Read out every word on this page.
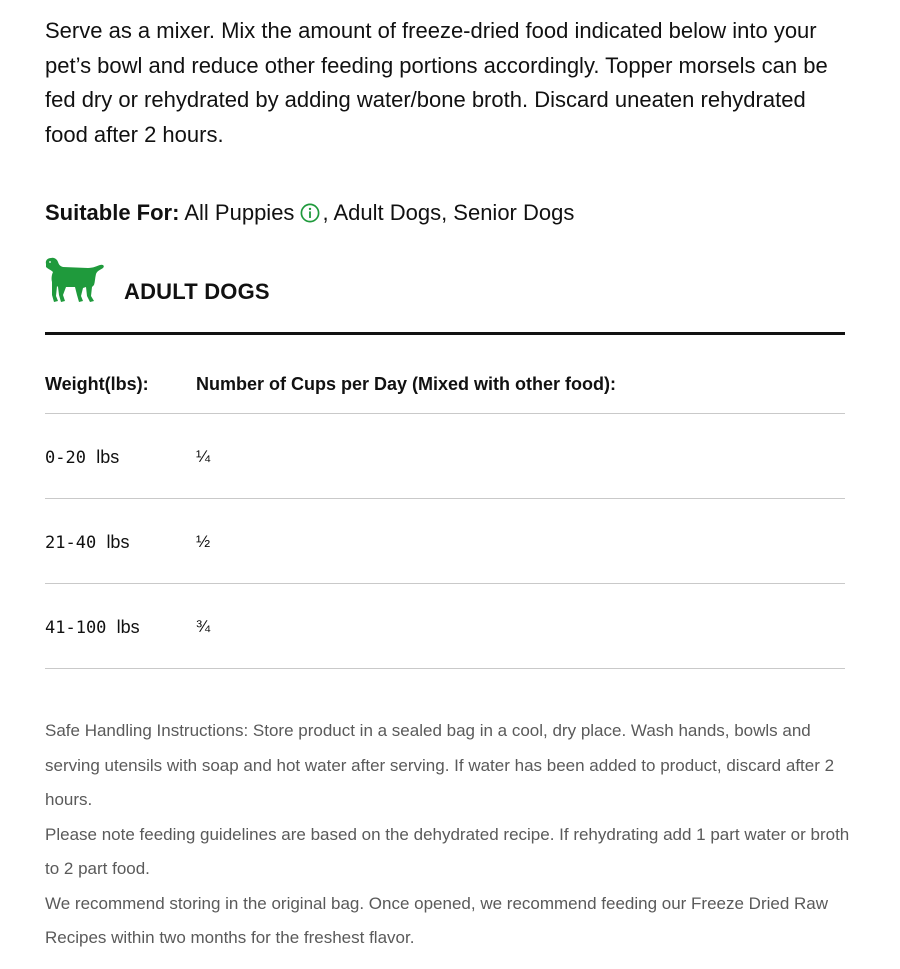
Serve as a mixer. Mix the amount of freeze-dried food indicated below into your pet’s bowl and reduce other feeding portions accordingly. Topper morsels can be fed dry or rehydrated by adding water/bone broth. Discard uneaten rehydrated food after 2 hours.

Suitable For: All Puppies , Adult Dogs, Senior Dogs
ADULT DOGS
Weight(lbs):	Number of Cups per Day (Mixed with other food):
0-20 lbs	¼
21-40 lbs	½
41-100 lbs	¾

Safe Handling Instructions: Store product in a sealed bag in a cool, dry place. Wash hands, bowls and serving utensils with soap and hot water after serving. If water has been added to product, discard after 2 hours.

Please note feeding guidelines are based on the dehydrated recipe. If rehydrating add 1 part water or broth to 2 part food.

We recommend storing in the original bag. Once opened, we recommend feeding our Freeze Dried Raw Recipes within two months for the freshest flavor.
